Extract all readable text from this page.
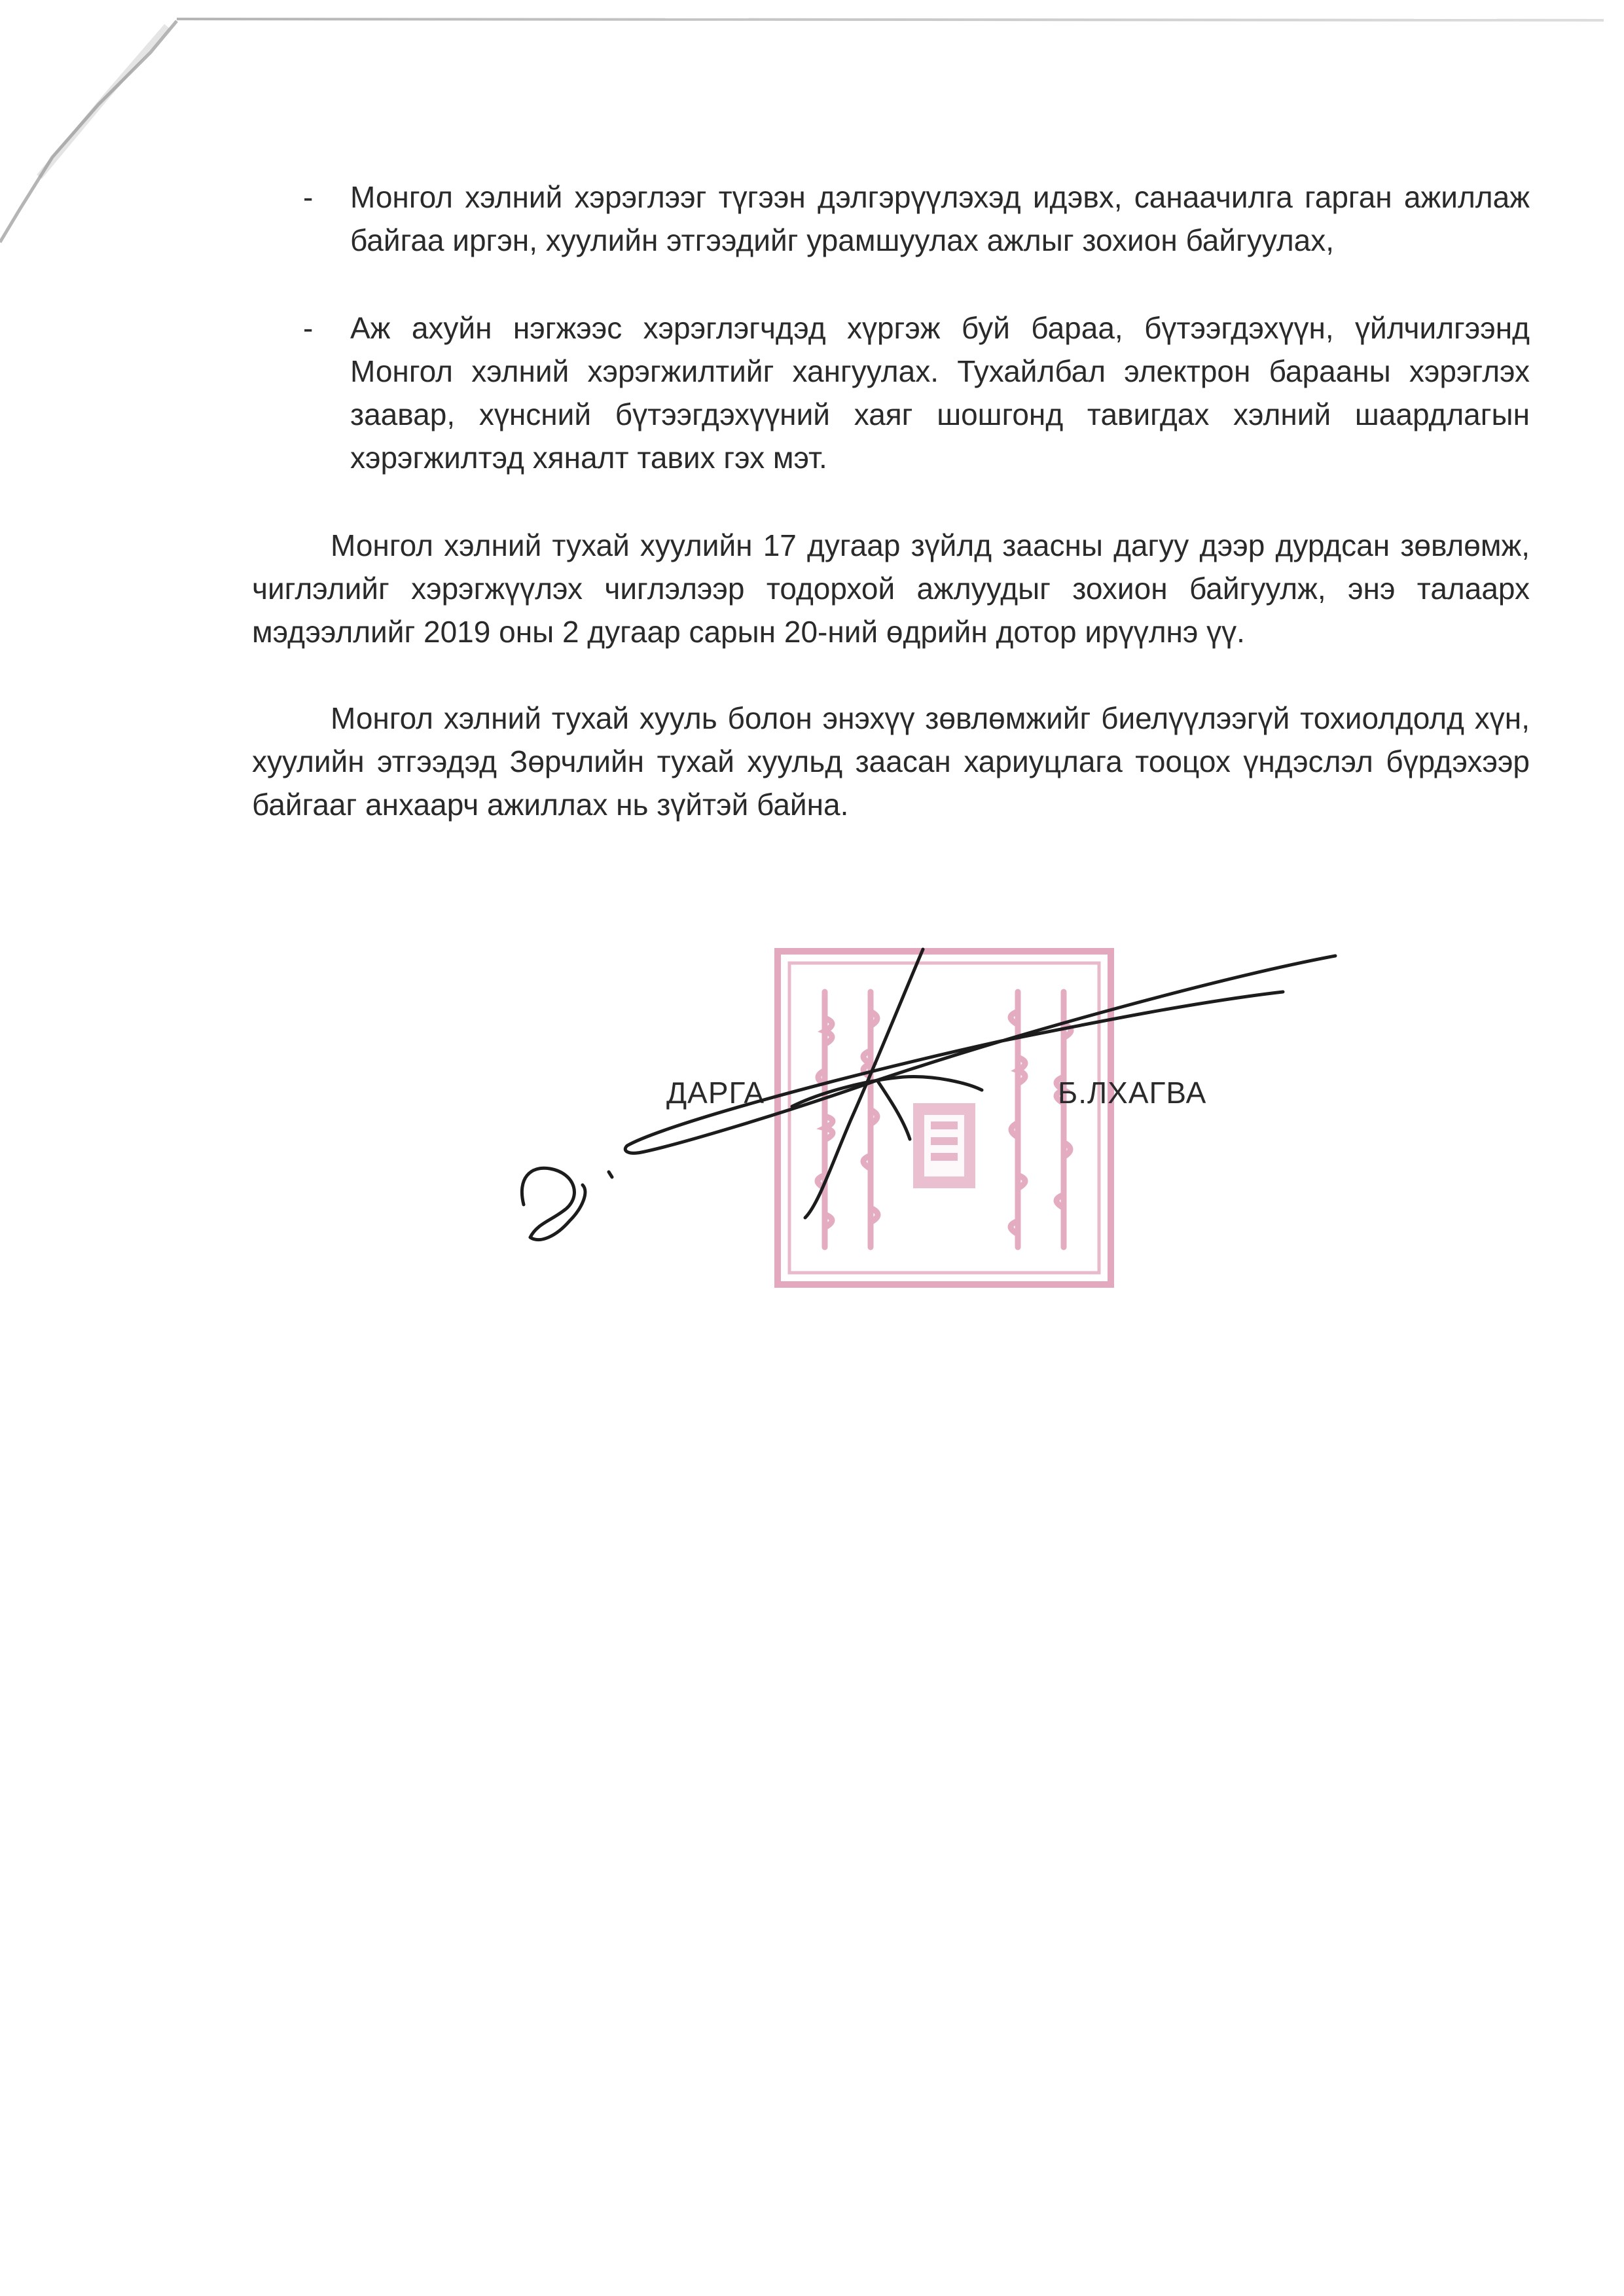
- Монгол хэлний хэрэглээг түгээн дэлгэрүүлэхэд идэвх, санаачилга гарган ажиллаж байгаа иргэн, хуулийн этгээдийг урамшуулах ажлыг зохион байгуулах,
- Аж ахуйн нэгжээс хэрэглэгчдэд хүргэж буй бараа, бүтээгдэхүүн, үйлчилгээнд Монгол хэлний хэрэгжилтийг хангуулах. Тухайлбал электрон барааны хэрэглэх заавар, хүнсний бүтээгдэхүүний хаяг шошгонд тавигдах хэлний шаардлагын хэрэгжилтэд хяналт тавих гэх мэт.

Монгол хэлний тухай хуулийн 17 дугаар зүйлд заасны дагуу дээр дурдсан зөвлөмж, чиглэлийг хэрэгжүүлэх чиглэлээр тодорхой ажлуудыг зохион байгуулж, энэ талаарх мэдээллийг 2019 оны 2 дугаар сарын 20-ний өдрийн дотор ирүүлнэ үү.

Монгол хэлний тухай хууль болон энэхүү зөвлөмжийг биелүүлээгүй тохиолдолд хүн, хуулийн этгээдэд Зөрчлийн тухай хуульд заасан хариуцлага тооцох үндэслэл бүрдэхээр байгааг анхаарч ажиллах нь зүйтэй байна.

ДАРГА	Б.ЛХАГВА
